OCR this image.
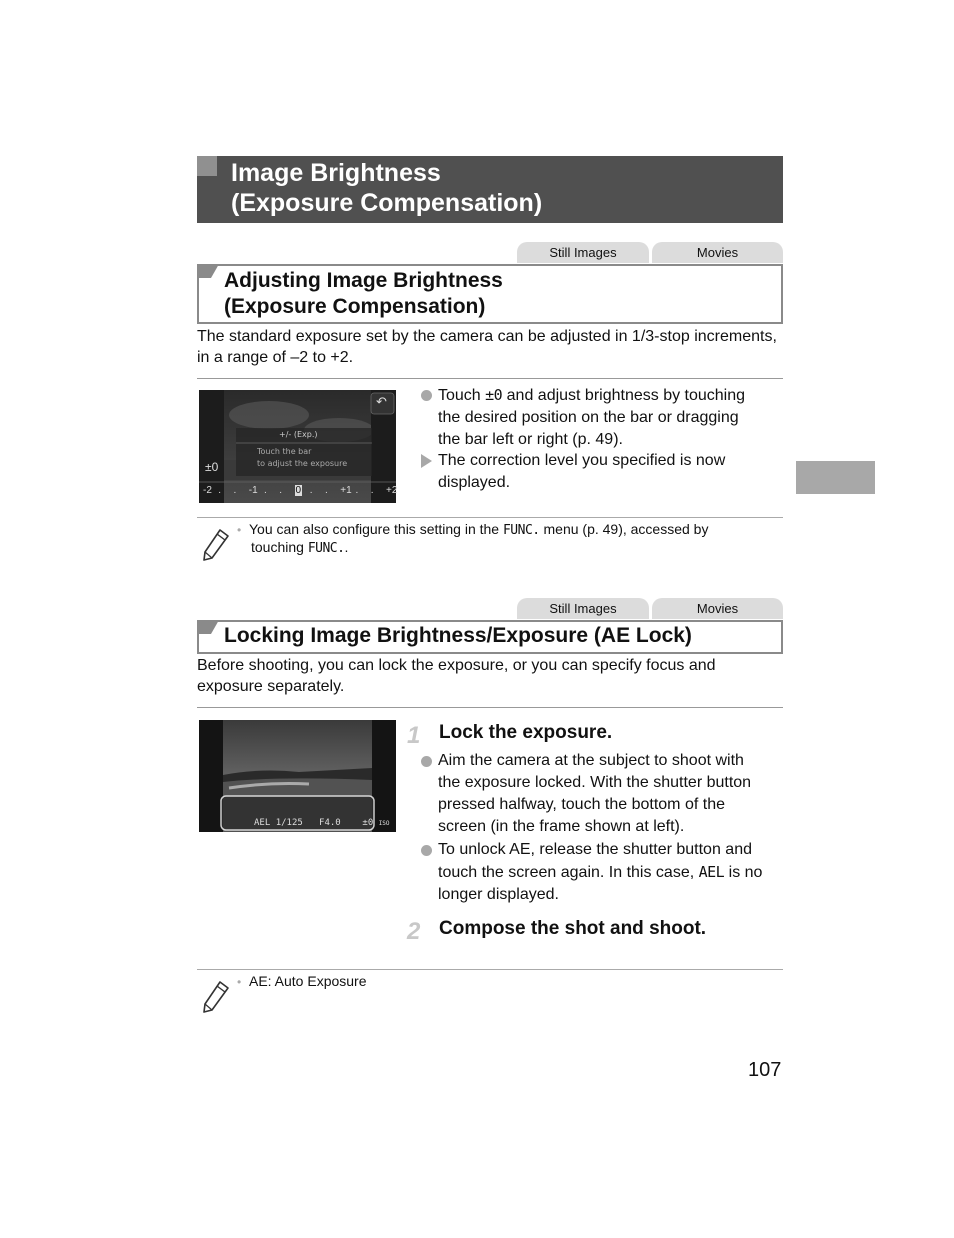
Image Brightness
(Exposure Compensation)
Still Images	Movies
Adjusting Image Brightness
(Exposure Compensation)
The standard exposure set by the camera can be adjusted in 1/3-stop increments, in a range of –2 to +2.
↶
+/- (Exp.)
Touch the bar
to adjust the exposure
±0
-2 . . -1 . . 0 . . +1 . . +2
Touch ±0 and adjust brightness by touching
the desired position on the bar or dragging
the bar left or right (p. 49).
The correction level you specified is now
displayed.
• You can also configure this setting in the FUNC. menu (p. 49), accessed by
touching FUNC..
Still Images	Movies
Locking Image Brightness/Exposure (AE Lock)
Before shooting, you can lock the exposure, or you can specify focus and exposure separately.
AEL 1/125 F4.0 ±0 ISO
1 Lock the exposure.
Aim the camera at the subject to shoot with
the exposure locked. With the shutter button
pressed halfway, touch the bottom of the
screen (in the frame shown at left).
To unlock AE, release the shutter button and
touch the screen again. In this case, AEL is no
longer displayed.
2 Compose the shot and shoot.
• AE: Auto Exposure
107
